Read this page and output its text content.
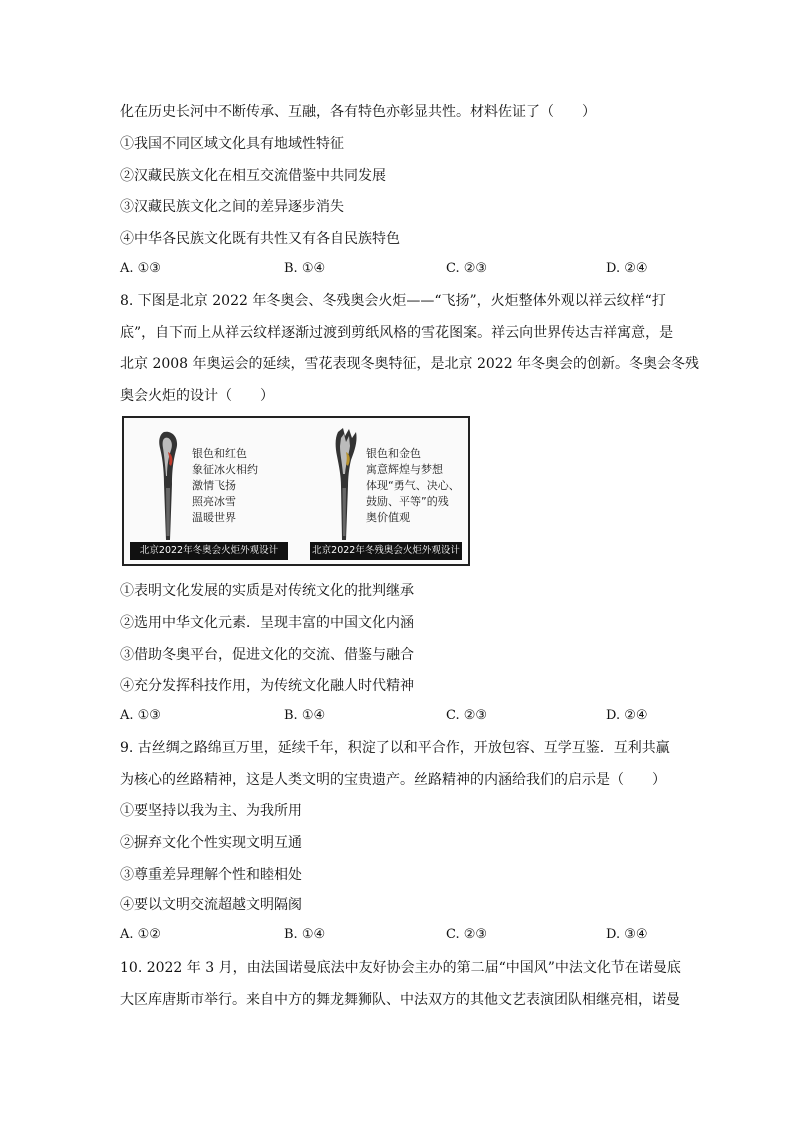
化在历史长河中不断传承、互融，各有特色亦彰显共性。材料佐证了（　　）
①我国不同区域文化具有地域性特征
②汉藏民族文化在相互交流借鉴中共同发展
③汉藏民族文化之间的差异逐步消失
④中华各民族文化既有共性又有各自民族特色
A. ①③	B. ①④	C. ②③	D. ②④
8. 下图是北京 2022 年冬奥会、冬残奥会火炬——“飞扬”，火炬整体外观以祥云纹样“打
底”，自下而上从祥云纹样逐渐过渡到剪纸风格的雪花图案。祥云向世界传达吉祥寓意，是
北京 2008 年奥运会的延续，雪花表现冬奥特征，是北京 2022 年冬奥会的创新。冬奥会冬残
奥会火炬的设计（　　）
银色和红色
象征冰火相约
激情飞扬
照亮冰雪
温暖世界
银色和金色
寓意辉煌与梦想
体现“勇气、决心、
鼓励、平等”的残
奥价值观
北京2022年冬奥会火炬外观设计	北京2022年冬残奥会火炬外观设计
①表明文化发展的实质是对传统文化的批判继承
②选用中华文化元素．呈现丰富的中国文化内涵
③借助冬奥平台，促进文化的交流、借鉴与融合
④充分发挥科技作用，为传统文化融人时代精神
A. ①③	B. ①④	C. ②③	D. ②④
9. 古丝绸之路绵亘万里，延续千年，积淀了以和平合作，开放包容、互学互鉴．互利共赢
为核心的丝路精神，这是人类文明的宝贵遗产。丝路精神的内涵给我们的启示是（　　）
①要坚持以我为主、为我所用
②摒弃文化个性实现文明互通
③尊重差异理解个性和睦相处
④要以文明交流超越文明隔阂
A. ①②	B. ①④	C. ②③	D. ③④
10. 2022 年 3 月，由法国诺曼底法中友好协会主办的第二届“中国风”中法文化节在诺曼底
大区库唐斯市举行。来自中方的舞龙舞狮队、中法双方的其他文艺表演团队相继亮相，诺曼
